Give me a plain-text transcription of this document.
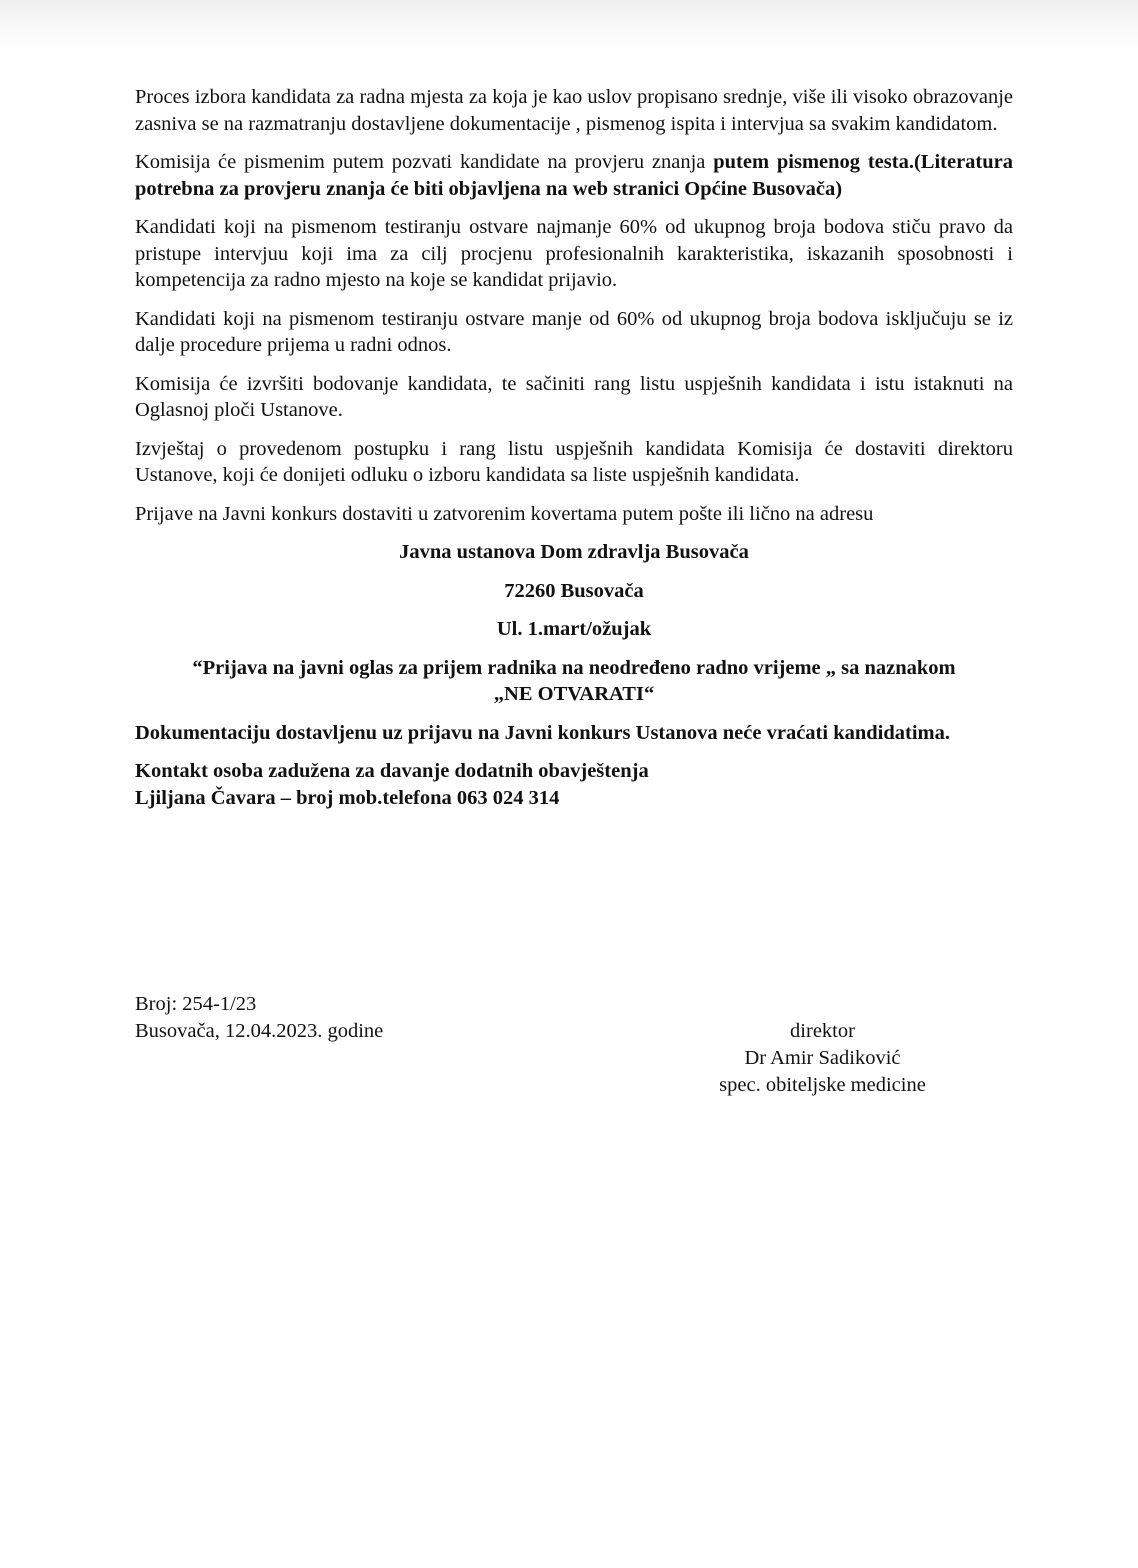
Proces izbora kandidata za radna mjesta za koja je kao uslov propisano srednje, više ili visoko obrazovanje zasniva se na razmatranju dostavljene dokumentacije , pismenog ispita i intervjua sa svakim kandidatom.

Komisija će pismenim putem pozvati kandidate na provjeru znanja putem pismenog testa.(Literatura potrebna za provjeru znanja će biti objavljena na web stranici Općine Busovača)

Kandidati koji na pismenom testiranju ostvare najmanje 60% od ukupnog broja bodova stiču pravo da pristupe intervjuu koji ima za cilj procjenu profesionalnih karakteristika, iskazanih sposobnosti i kompetencija za radno mjesto na koje se kandidat prijavio.

Kandidati koji na pismenom testiranju ostvare manje od 60% od ukupnog broja bodova isključuju se iz dalje procedure prijema u radni odnos.

Komisija će izvršiti bodovanje kandidata, te sačiniti rang listu uspješnih kandidata i istu istaknuti na Oglasnoj ploči Ustanove.

Izvještaj o provedenom postupku i rang listu uspješnih kandidata Komisija će dostaviti direktoru Ustanove, koji će donijeti odluku o izboru kandidata sa liste uspješnih kandidata.

Prijave na Javni konkurs dostaviti u zatvorenim kovertama putem pošte ili lično na adresu

Javna ustanova Dom zdravlja Busovača

72260 Busovača

Ul. 1.mart/ožujak

“Prijava na javni oglas za prijem radnika na neodređeno radno vrijeme „ sa naznakom

„NE OTVARATI“

Dokumentaciju dostavljenu uz prijavu na Javni konkurs Ustanova neće vraćati kandidatima.

Kontakt osoba zadužena za davanje dodatnih obavještenja

Ljiljana Čavara – broj mob.telefona 063 024 314

Broj: 254-1/23

Busovača, 12.04.2023. godine	direktor

Dr Amir Sadiković

spec. obiteljske medicine
